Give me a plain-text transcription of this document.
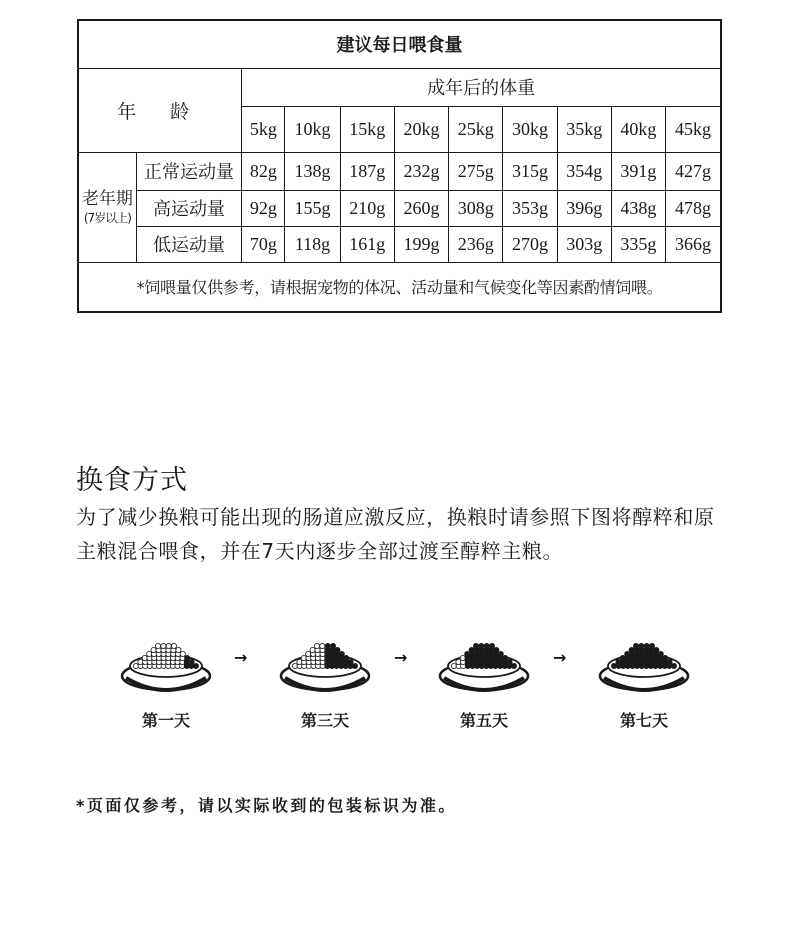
建议每日喂食量										
年 龄		成年后的体重								
		5kg	10kg	15kg	20kg	25kg	30kg	35kg	40kg	45kg
老年期
(7岁以上)	正常运动量	82g	138g	187g	232g	275g	315g	354g	391g	427g
	高运动量	92g	155g	210g	260g	308g	353g	396g	438g	478g
	低运动量	70g	118g	161g	199g	236g	270g	303g	335g	366g
*饲喂量仅供参考，请根据宠物的体况、活动量和气候变化等因素酌情饲喂。										
换食方式
为了减少换粮可能出现的肠道应激反应，换粮时请参照下图将醇粹和原主粮混合喂食，并在7天内逐步全部过渡至醇粹主粮。
→	→	→
第一天	第三天	第五天	第七天
*页面仅参考，请以实际收到的包装标识为准。
